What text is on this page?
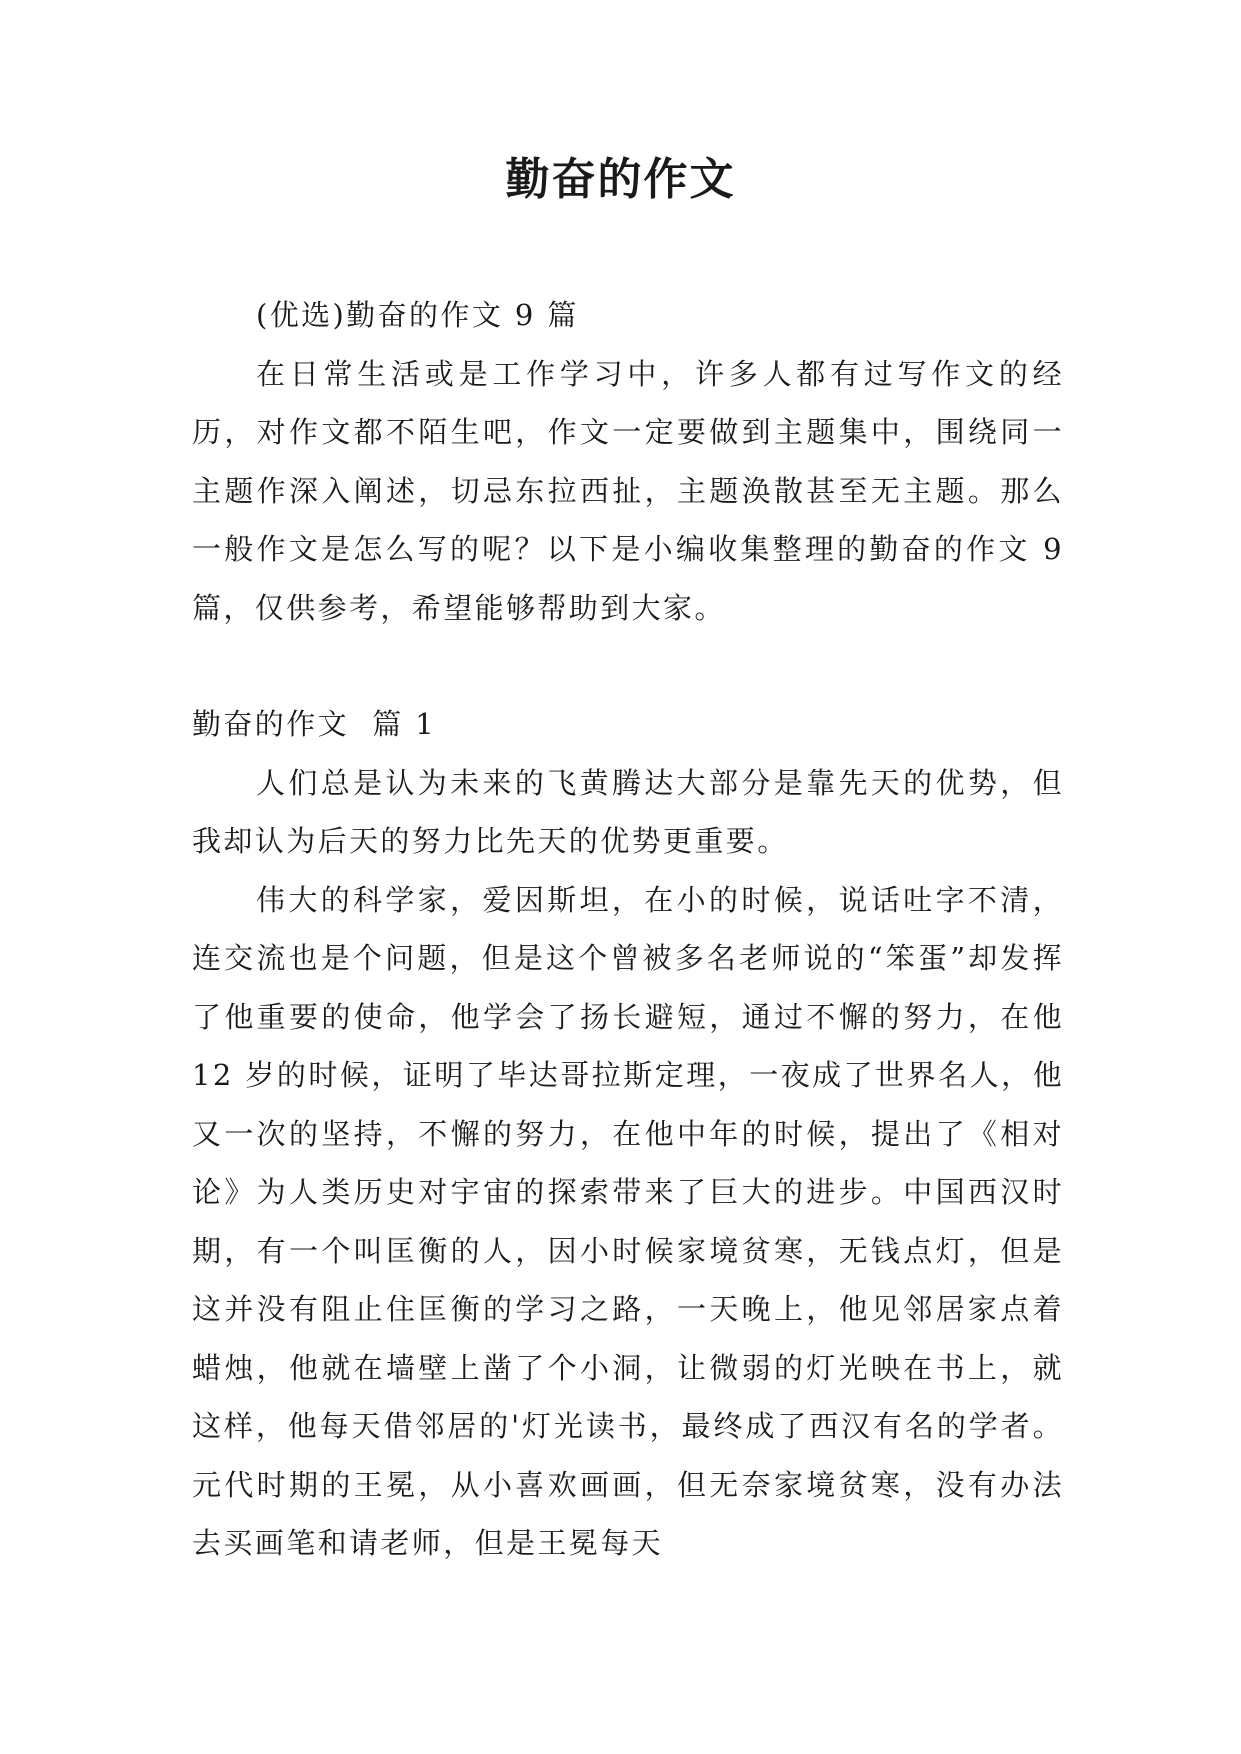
勤奋的作文

(优选)勤奋的作文 9 篇

在日常生活或是工作学习中，许多人都有过写作文的经历，对作文都不陌生吧，作文一定要做到主题集中，围绕同一主题作深入阐述，切忌东拉西扯，主题涣散甚至无主题。那么一般作文是怎么写的呢？以下是小编收集整理的勤奋的作文 9 篇，仅供参考，希望能够帮助到大家。

勤奋的作文  篇 1

人们总是认为未来的飞黄腾达大部分是靠先天的优势，但我却认为后天的努力比先天的优势更重要。

伟大的科学家，爱因斯坦，在小的时候，说话吐字不清，连交流也是个问题，但是这个曾被多名老师说的“笨蛋”却发挥了他重要的使命，他学会了扬长避短，通过不懈的努力，在他 12 岁的时候，证明了毕达哥拉斯定理，一夜成了世界名人，他又一次的坚持，不懈的努力，在他中年的时候，提出了《相对论》为人类历史对宇宙的探索带来了巨大的进步。中国西汉时期，有一个叫匡衡的人，因小时候家境贫寒，无钱点灯，但是这并没有阻止住匡衡的学习之路，一天晚上，他见邻居家点着蜡烛，他就在墙壁上凿了个小洞，让微弱的灯光映在书上，就这样，他每天借邻居的'灯光读书，最终成了西汉有名的学者。元代时期的王冕，从小喜欢画画，但无奈家境贫寒，没有办法去买画笔和请老师，但是王冕每天
